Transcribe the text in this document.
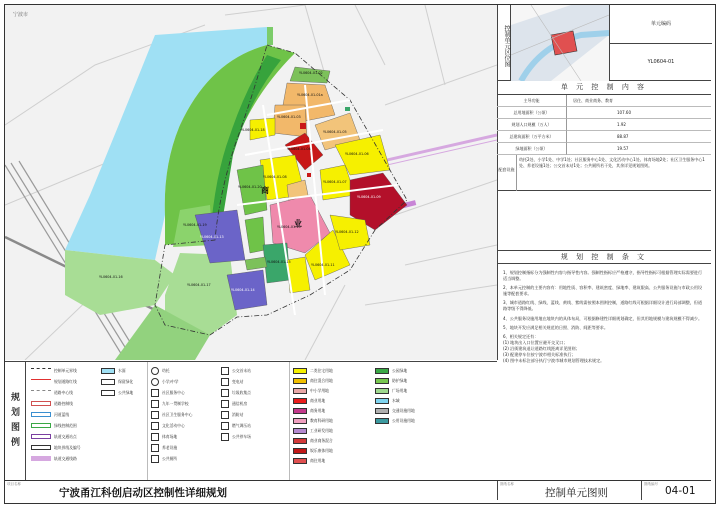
商
业
YL0604-01-01a
YL0604-01-02
YL0604-01-03
YL0604-01-04
YL0604-01-05
YL0604-01-06
YL0604-01-07
YL0604-01-08
YL0604-01-09
YL0604-01-10
YL0604-01-11
YL0604-01-12
YL0604-01-13
YL0604-01-14
YL0604-01-15
YL0604-01-16
YL0604-01-17
YL0604-01-18
YL0604-01-19
YL0604-01-20
宁波市
控制单元区位图
单元编码
YL0604-01
单 元 控 制 内 容
主导功能	居住、商业商务、教育
总用地面积（公顷）	107.60
规划人口规模（万人）	1.92
总建筑面积（万平方米）	88.87
绿地面积（公顷）	19.57
配套设施
幼托2处、小学1处、中学1处；社区服务中心1处、文化活动中心1处、体育场地2处；社区卫生服务中心1处、养老设施1处；公交首末站1处；公共厕所若干处，其余详见规划图则。
规 划 控 制 条 文

1、规划控制指标分为强制性内容与指导性内容。强制性指标应严格遵守，指导性指标可根据管理实际需要进行适当调整。

2、本单元控制的主要内容有：用地性质、容积率、建筑密度、绿地率、建筑限高、公共服务设施与市政公用设施等配套要求。

3、城市道路红线、绿线、蓝线、黄线、紫线需按照本图则控制，道路红线可根据详细设计进行局部调整，但道路等级不得降低。

4、公共服务设施用地在地块内的具体布局，可根据修建性详细规划确定，但其用地规模与建筑规模不得减少。

5、地块开发应满足相关规范的日照、消防、间距等要求。

6、相关规定还有：

(1) 地块出入口位置应避开交叉口；

(2) 沿街建筑退让道路红线距离详见图则；

(3) 配建停车位按宁波市相关标准执行；

(4) 图中未标注部分执行宁波市城市规划管理技术规定。

规划图例
控制单元界线
规划道路红线
道路中心线
道路控制线
河道蓝线
绿线控制范围
轨道交通站点
地块界线及编号
轨道交通线路
水面
保留绿化
公共绿地
幼托
小学/中学
社区服务中心
九年一贯制学校
社区卫生服务中心
文化活动中心
体育场地
养老设施
公共厕所
公交首末站
变电站
垃圾收集点
通信机房
消防站
燃气调压站
公共停车场
二类住宅用地
商住混合用地
中小学用地
商业用地
商务用地
教育科研用地
工业研发用地
商业商务混合
娱乐康体用地
商住用地
公园绿地
防护绿地
广场用地
水域
交通设施用地
公用设施用地
项目名称
宁波甬江科创启动区控制性详细规划
图纸名称
控制单元图则
图纸编号
04-01
